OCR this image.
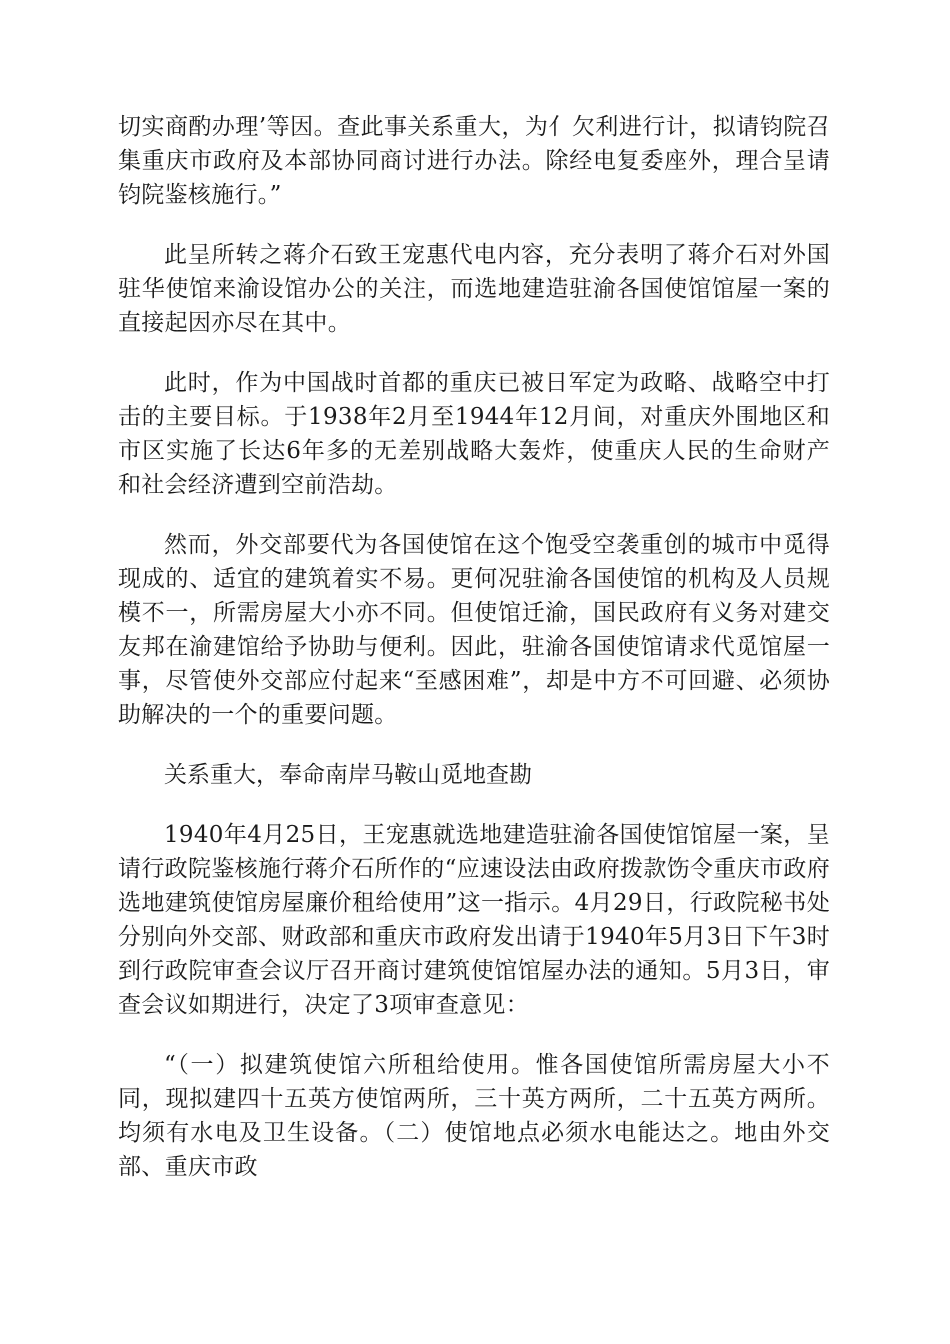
切实商酌办理’等因。查此事关系重大，为亻欠利进行计，拟请钧院召集重庆市政府及本部协同商讨进行办法。除经电复委座外，理合呈请钧院鉴核施行。”

此呈所转之蒋介石致王宠惠代电内容，充分表明了蒋介石对外国驻华使馆来渝设馆办公的关注，而选地建造驻渝各国使馆馆屋一案的直接起因亦尽在其中。

此时，作为中国战时首都的重庆已被日军定为政略、战略空中打击的主要目标。于1938年2月至1944年12月间，对重庆外围地区和市区实施了长达6年多的无差别战略大轰炸，使重庆人民的生命财产和社会经济遭到空前浩劫。

然而，外交部要代为各国使馆在这个饱受空袭重创的城市中觅得现成的、适宜的建筑着实不易。更何况驻渝各国使馆的机构及人员规模不一，所需房屋大小亦不同。但使馆迁渝，国民政府有义务对建交友邦在渝建馆给予协助与便利。因此，驻渝各国使馆请求代觅馆屋一事，尽管使外交部应付起来“至感困难”，却是中方不可回避、必须协助解决的一个的重要问题。

关系重大，奉命南岸马鞍山觅地查勘

1940年4月25日，王宠惠就选地建造驻渝各国使馆馆屋一案，呈请行政院鉴核施行蒋介石所作的“应速设法由政府拨款饬令重庆市政府选地建筑使馆房屋廉价租给使用”这一指示。4月29日，行政院秘书处分别向外交部、财政部和重庆市政府发出请于1940年5月3日下午3时到行政院审查会议厅召开商讨建筑使馆馆屋办法的通知。5月3日，审查会议如期进行，决定了3项审查意见：

“（一）拟建筑使馆六所租给使用。惟各国使馆所需房屋大小不同，现拟建四十五英方使馆两所，三十英方两所，二十五英方两所。均须有水电及卫生设备。（二）使馆地点必须水电能达之。地由外交部、重庆市政
